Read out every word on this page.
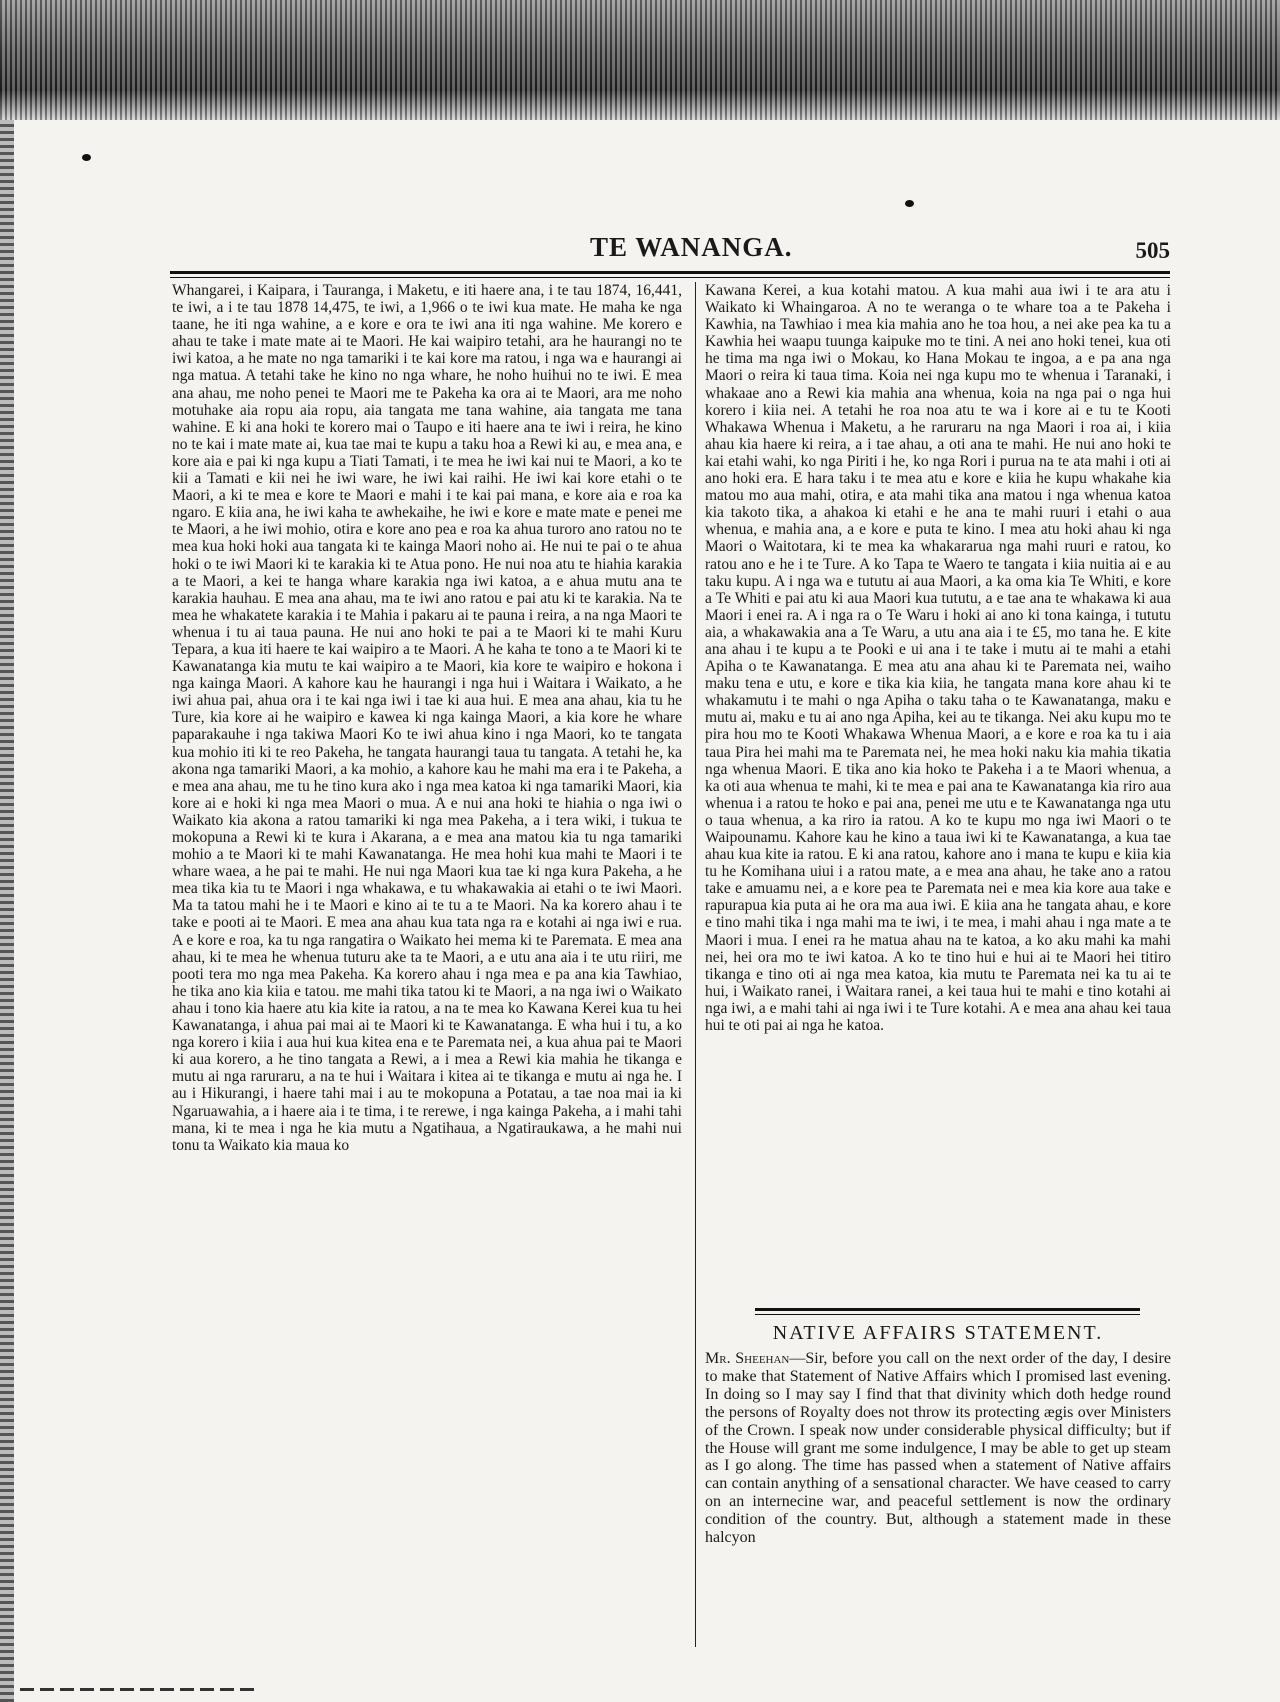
TE WANANGA.	505

Whangarei, i Kaipara, i Tauranga, i Maketu, e iti haere ana, i te tau 1874, 16,441, te iwi, a i te tau 1878 14,475, te iwi, a 1,966 o te iwi kua mate. He maha ke nga taane, he iti nga wahine, a e kore e ora te iwi ana iti nga wahine. Me korero e ahau te take i mate mate ai te Maori. He kai waipiro tetahi, ara he haurangi no te iwi katoa, a he mate no nga tamariki i te kai kore ma ratou, i nga wa e haurangi ai nga matua. A tetahi take he kino no nga whare, he noho huihui no te iwi. E mea ana ahau, me noho penei te Maori me te Pakeha ka ora ai te Maori, ara me noho motuhake aia ropu aia ropu, aia tangata me tana wahine, aia tangata me tana wahine. E ki ana hoki te korero mai o Taupo e iti haere ana te iwi i reira, he kino no te kai i mate mate ai, kua tae mai te kupu a taku hoa a Rewi ki au, e mea ana, e kore aia e pai ki nga kupu a Tiati Tamati, i te mea he iwi kai nui te Maori, a ko te kii a Tamati e kii nei he iwi ware, he iwi kai raihi. He iwi kai kore etahi o te Maori, a ki te mea e kore te Maori e mahi i te kai pai mana, e kore aia e roa ka ngaro. E kiia ana, he iwi kaha te awhekaihe, he iwi e kore e mate mate e penei me te Maori, a he iwi mohio, otira e kore ano pea e roa ka ahua turoro ano ratou no te mea kua hoki hoki aua tangata ki te kainga Maori noho ai. He nui te pai o te ahua hoki o te iwi Maori ki te karakia ki te Atua pono. He nui noa atu te hiahia karakia a te Maori, a kei te hanga whare karakia nga iwi katoa, a e ahua mutu ana te karakia hauhau. E mea ana ahau, ma te iwi ano ratou e pai atu ki te karakia. Na te mea he whakatete karakia i te Mahia i pakaru ai te pauna i reira, a na nga Maori te whenua i tu ai taua pauna. He nui ano hoki te pai a te Maori ki te mahi Kuru Tepara, a kua iti haere te kai waipiro a te Maori. A he kaha te tono a te Maori ki te Kawanatanga kia mutu te kai waipiro a te Maori, kia kore te waipiro e hokona i nga kainga Maori. A kahore kau he haurangi i nga hui i Waitara i Waikato, a he iwi ahua pai, ahua ora i te kai nga iwi i tae ki aua hui. E mea ana ahau, kia tu he Ture, kia kore ai he waipiro e kawea ki nga kainga Maori, a kia kore he whare paparakauhe i nga takiwa Maori Ko te iwi ahua kino i nga Maori, ko te tangata kua mohio iti ki te reo Pakeha, he tangata haurangi taua tu tangata. A tetahi he, ka akona nga tamariki Maori, a ka mohio, a kahore kau he mahi ma era i te Pakeha, a e mea ana ahau, me tu he tino kura ako i nga mea katoa ki nga tamariki Maori, kia kore ai e hoki ki nga mea Maori o mua. A e nui ana hoki te hiahia o nga iwi o Waikato kia akona a ratou tamariki ki nga mea Pakeha, a i tera wiki, i tukua te mokopuna a Rewi ki te kura i Akarana, a e mea ana matou kia tu nga tamariki mohio a te Maori ki te mahi Kawanatanga. He mea hohi kua mahi te Maori i te whare waea, a he pai te mahi. He nui nga Maori kua tae ki nga kura Pakeha, a he mea tika kia tu te Maori i nga whakawa, e tu whakawakia ai etahi o te iwi Maori. Ma ta tatou mahi he i te Maori e kino ai te tu a te Maori. Na ka korero ahau i te take e pooti ai te Maori. E mea ana ahau kua tata nga ra e kotahi ai nga iwi e rua. A e kore e roa, ka tu nga rangatira o Waikato hei mema ki te Paremata. E mea ana ahau, ki te mea he whenua tuturu ake ta te Maori, a e utu ana aia i te utu riiri, me pooti tera mo nga mea Pakeha. Ka korero ahau i nga mea e pa ana kia Tawhiao, he tika ano kia kiia e tatou. me mahi tika tatou ki te Maori, a na nga iwi o Waikato ahau i tono kia haere atu kia kite ia ratou, a na te mea ko Kawana Kerei kua tu hei Kawanatanga, i ahua pai mai ai te Maori ki te Kawanatanga. E wha hui i tu, a ko nga korero i kiia i aua hui kua kitea ena e te Paremata nei, a kua ahua pai te Maori ki aua korero, a he tino tangata a Rewi, a i mea a Rewi kia mahia he tikanga e mutu ai nga raruraru, a na te hui i Waitara i kitea ai te tikanga e mutu ai nga he. I au i Hikurangi, i haere tahi mai i au te mokopuna a Potatau, a tae noa mai ia ki Ngaruawahia, a i haere aia i te tima, i te rerewe, i nga kainga Pakeha, a i mahi tahi mana, ki te mea i nga he kia mutu a Ngatihaua, a Ngatiraukawa, a he mahi nui tonu ta Waikato kia maua ko

Kawana Kerei, a kua kotahi matou. A kua mahi aua iwi i te ara atu i Waikato ki Whaingaroa. A no te weranga o te whare toa a te Pakeha i Kawhia, na Tawhiao i mea kia mahia ano he toa hou, a nei ake pea ka tu a Kawhia hei waapu tuunga kaipuke mo te tini. A nei ano hoki tenei, kua oti he tima ma nga iwi o Mokau, ko Hana Mokau te ingoa, a e pa ana nga Maori o reira ki taua tima. Koia nei nga kupu mo te whenua i Taranaki, i whakaae ano a Rewi kia mahia ana whenua, koia na nga pai o nga hui korero i kiia nei. A tetahi he roa noa atu te wa i kore ai e tu te Kooti Whakawa Whenua i Maketu, a he raruraru na nga Maori i roa ai, i kiia ahau kia haere ki reira, a i tae ahau, a oti ana te mahi. He nui ano hoki te kai etahi wahi, ko nga Piriti i he, ko nga Rori i purua na te ata mahi i oti ai ano hoki era. E hara taku i te mea atu e kore e kiia he kupu whakahe kia matou mo aua mahi, otira, e ata mahi tika ana matou i nga whenua katoa kia takoto tika, a ahakoa ki etahi e he ana te mahi ruuri i etahi o aua whenua, e mahia ana, a e kore e puta te kino. I mea atu hoki ahau ki nga Maori o Waitotara, ki te mea ka whakararua nga mahi ruuri e ratou, ko ratou ano e he i te Ture. A ko Tapa te Waero te tangata i kiia nuitia ai e au taku kupu. A i nga wa e tututu ai aua Maori, a ka oma kia Te Whiti, e kore a Te Whiti e pai atu ki aua Maori kua tututu, a e tae ana te whakawa ki aua Maori i enei ra. A i nga ra o Te Waru i hoki ai ano ki tona kainga, i tututu aia, a whakawakia ana a Te Waru, a utu ana aia i te £5, mo tana he. E kite ana ahau i te kupu a te Pooki e ui ana i te take i mutu ai te mahi a etahi Apiha o te Kawanatanga. E mea atu ana ahau ki te Paremata nei, waiho maku tena e utu, e kore e tika kia kiia, he tangata mana kore ahau ki te whakamutu i te mahi o nga Apiha o taku taha o te Kawanatanga, maku e mutu ai, maku e tu ai ano nga Apiha, kei au te tikanga. Nei aku kupu mo te pira hou mo te Kooti Whakawa Whenua Maori, a e kore e roa ka tu i aia taua Pira hei mahi ma te Paremata nei, he mea hoki naku kia mahia tikatia nga whenua Maori. E tika ano kia hoko te Pakeha i a te Maori whenua, a ka oti aua whenua te mahi, ki te mea e pai ana te Kawanatanga kia riro aua whenua i a ratou te hoko e pai ana, penei me utu e te Kawanatanga nga utu o taua whenua, a ka riro ia ratou. A ko te kupu mo nga iwi Maori o te Waipounamu. Kahore kau he kino a taua iwi ki te Kawanatanga, a kua tae ahau kua kite ia ratou. E ki ana ratou, kahore ano i mana te kupu e kiia kia tu he Komihana uiui i a ratou mate, a e mea ana ahau, he take ano a ratou take e amuamu nei, a e kore pea te Paremata nei e mea kia kore aua take e rapurapua kia puta ai he ora ma aua iwi. E kiia ana he tangata ahau, e kore e tino mahi tika i nga mahi ma te iwi, i te mea, i mahi ahau i nga mate a te Maori i mua. I enei ra he matua ahau na te katoa, a ko aku mahi ka mahi nei, hei ora mo te iwi katoa. A ko te tino hui e hui ai te Maori hei titiro tikanga e tino oti ai nga mea katoa, kia mutu te Paremata nei ka tu ai te hui, i Waikato ranei, i Waitara ranei, a kei taua hui te mahi e tino kotahi ai nga iwi, a e mahi tahi ai nga iwi i te Ture kotahi. A e mea ana ahau kei taua hui te oti pai ai nga he katoa.

NATIVE AFFAIRS STATEMENT.
Mr. Sheehan—Sir, before you call on the next order of the day, I desire to make that Statement of Native Affairs which I promised last evening. In doing so I may say I find that that divinity which doth hedge round the persons of Royalty does not throw its protecting ægis over Ministers of the Crown. I speak now under considerable physical difficulty; but if the House will grant me some indulgence, I may be able to get up steam as I go along. The time has passed when a statement of Native affairs can contain anything of a sensational character. We have ceased to carry on an internecine war, and peaceful settlement is now the ordinary condition of the country. But, although a statement made in these halcyon
